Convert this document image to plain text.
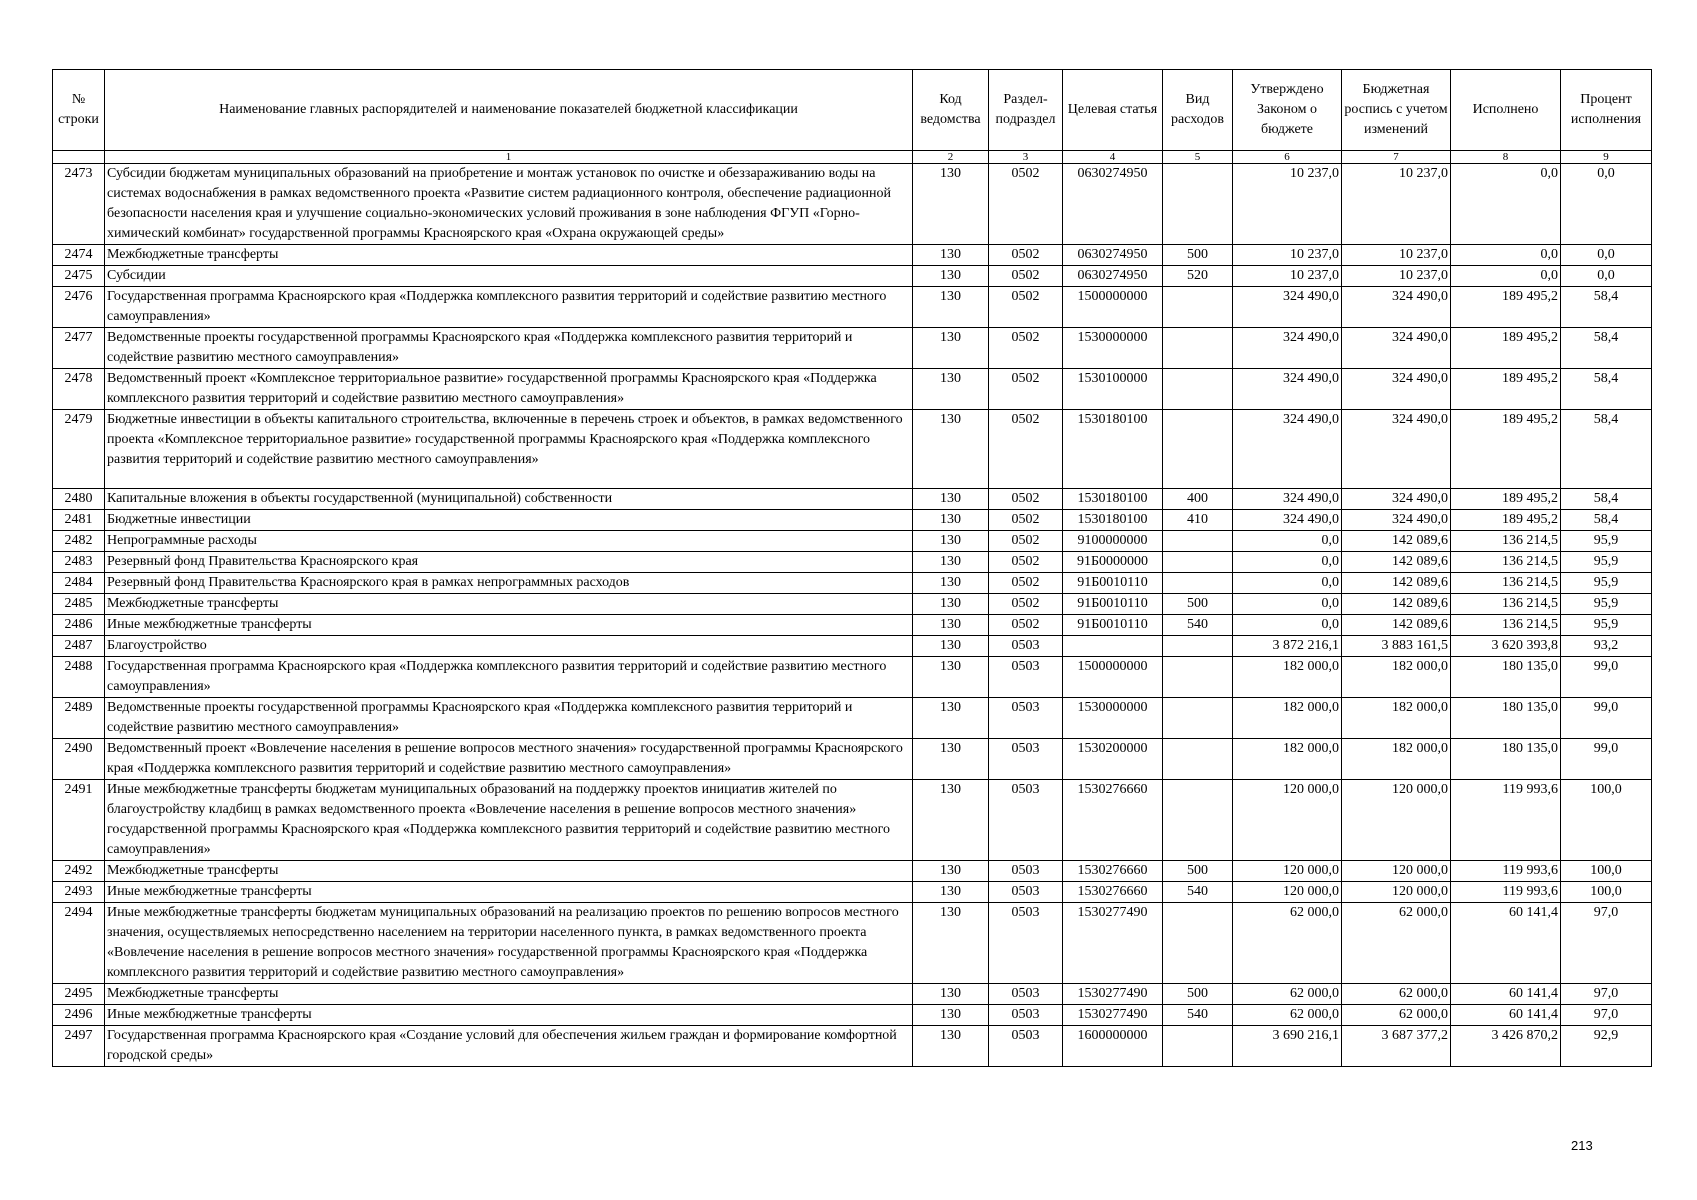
№ строки	Наименование главных распорядителей и наименование показателей бюджетной классификации	Код ведомства	Раздел-подраздел	Целевая статья	Вид расходов	Утверждено Законом о бюджете	Бюджетная роспись с учетом изменений	Исполнено	Процент исполнения
	1	2	3	4	5	6	7	8	9
2473	Субсидии бюджетам муниципальных образований на приобретение и монтаж установок по очистке и обеззараживанию воды на системах водоснабжения в рамках ведомственного проекта «Развитие систем радиационного контроля, обеспечение радиационной безопасности населения края и улучшение социально-экономических условий проживания в зоне наблюдения ФГУП «Горно-химический комбинат» государственной программы Красноярского края «Охрана окружающей среды»	130	0502	0630274950		10 237,0	10 237,0	0,0	0,0
2474	Межбюджетные трансферты	130	0502	0630274950	500	10 237,0	10 237,0	0,0	0,0
2475	Субсидии	130	0502	0630274950	520	10 237,0	10 237,0	0,0	0,0
2476	Государственная программа Красноярского края «Поддержка комплексного развития территорий и содействие развитию местного самоуправления»	130	0502	1500000000		324 490,0	324 490,0	189 495,2	58,4
2477	Ведомственные проекты государственной программы Красноярского края «Поддержка комплексного развития территорий и содействие развитию местного самоуправления»	130	0502	1530000000		324 490,0	324 490,0	189 495,2	58,4
2478	Ведомственный проект «Комплексное территориальное развитие» государственной программы Красноярского края «Поддержка комплексного развития территорий и содействие развитию местного самоуправления»	130	0502	1530100000		324 490,0	324 490,0	189 495,2	58,4
2479	Бюджетные инвестиции в объекты капитального строительства, включенные в перечень строек и объектов, в рамках ведомственного проекта «Комплексное территориальное развитие» государственной программы Красноярского края «Поддержка комплексного развития территорий и содействие развитию местного самоуправления»	130	0502	1530180100		324 490,0	324 490,0	189 495,2	58,4
2480	Капитальные вложения в объекты государственной (муниципальной) собственности	130	0502	1530180100	400	324 490,0	324 490,0	189 495,2	58,4
2481	Бюджетные инвестиции	130	0502	1530180100	410	324 490,0	324 490,0	189 495,2	58,4
2482	Непрограммные расходы	130	0502	9100000000		0,0	142 089,6	136 214,5	95,9
2483	Резервный фонд Правительства Красноярского края	130	0502	91Б0000000		0,0	142 089,6	136 214,5	95,9
2484	Резервный фонд Правительства Красноярского края в рамках непрограммных расходов	130	0502	91Б0010110		0,0	142 089,6	136 214,5	95,9
2485	Межбюджетные трансферты	130	0502	91Б0010110	500	0,0	142 089,6	136 214,5	95,9
2486	Иные межбюджетные трансферты	130	0502	91Б0010110	540	0,0	142 089,6	136 214,5	95,9
2487	Благоустройство	130	0503			3 872 216,1	3 883 161,5	3 620 393,8	93,2
2488	Государственная программа Красноярского края «Поддержка комплексного развития территорий и содействие развитию местного самоуправления»	130	0503	1500000000		182 000,0	182 000,0	180 135,0	99,0
2489	Ведомственные проекты государственной программы Красноярского края «Поддержка комплексного развития территорий и содействие развитию местного самоуправления»	130	0503	1530000000		182 000,0	182 000,0	180 135,0	99,0
2490	Ведомственный проект «Вовлечение населения в решение вопросов местного значения» государственной программы Красноярского края «Поддержка комплексного развития территорий и содействие развитию местного самоуправления»	130	0503	1530200000		182 000,0	182 000,0	180 135,0	99,0
2491	Иные межбюджетные трансферты бюджетам муниципальных образований на поддержку проектов инициатив жителей по благоустройству кладбищ в рамках ведомственного проекта «Вовлечение населения в решение вопросов местного значения» государственной программы Красноярского края «Поддержка комплексного развития территорий и содействие развитию местного самоуправления»	130	0503	1530276660		120 000,0	120 000,0	119 993,6	100,0
2492	Межбюджетные трансферты	130	0503	1530276660	500	120 000,0	120 000,0	119 993,6	100,0
2493	Иные межбюджетные трансферты	130	0503	1530276660	540	120 000,0	120 000,0	119 993,6	100,0
2494	Иные межбюджетные трансферты бюджетам муниципальных образований на реализацию проектов по решению вопросов местного значения, осуществляемых непосредственно населением на территории населенного пункта, в рамках ведомственного проекта «Вовлечение населения в решение вопросов местного значения» государственной программы Красноярского края «Поддержка комплексного развития территорий и содействие развитию местного самоуправления»	130	0503	1530277490		62 000,0	62 000,0	60 141,4	97,0
2495	Межбюджетные трансферты	130	0503	1530277490	500	62 000,0	62 000,0	60 141,4	97,0
2496	Иные межбюджетные трансферты	130	0503	1530277490	540	62 000,0	62 000,0	60 141,4	97,0
2497	Государственная программа Красноярского края «Создание условий для обеспечения жильем граждан и формирование комфортной городской среды»	130	0503	1600000000		3 690 216,1	3 687 377,2	3 426 870,2	92,9
213
